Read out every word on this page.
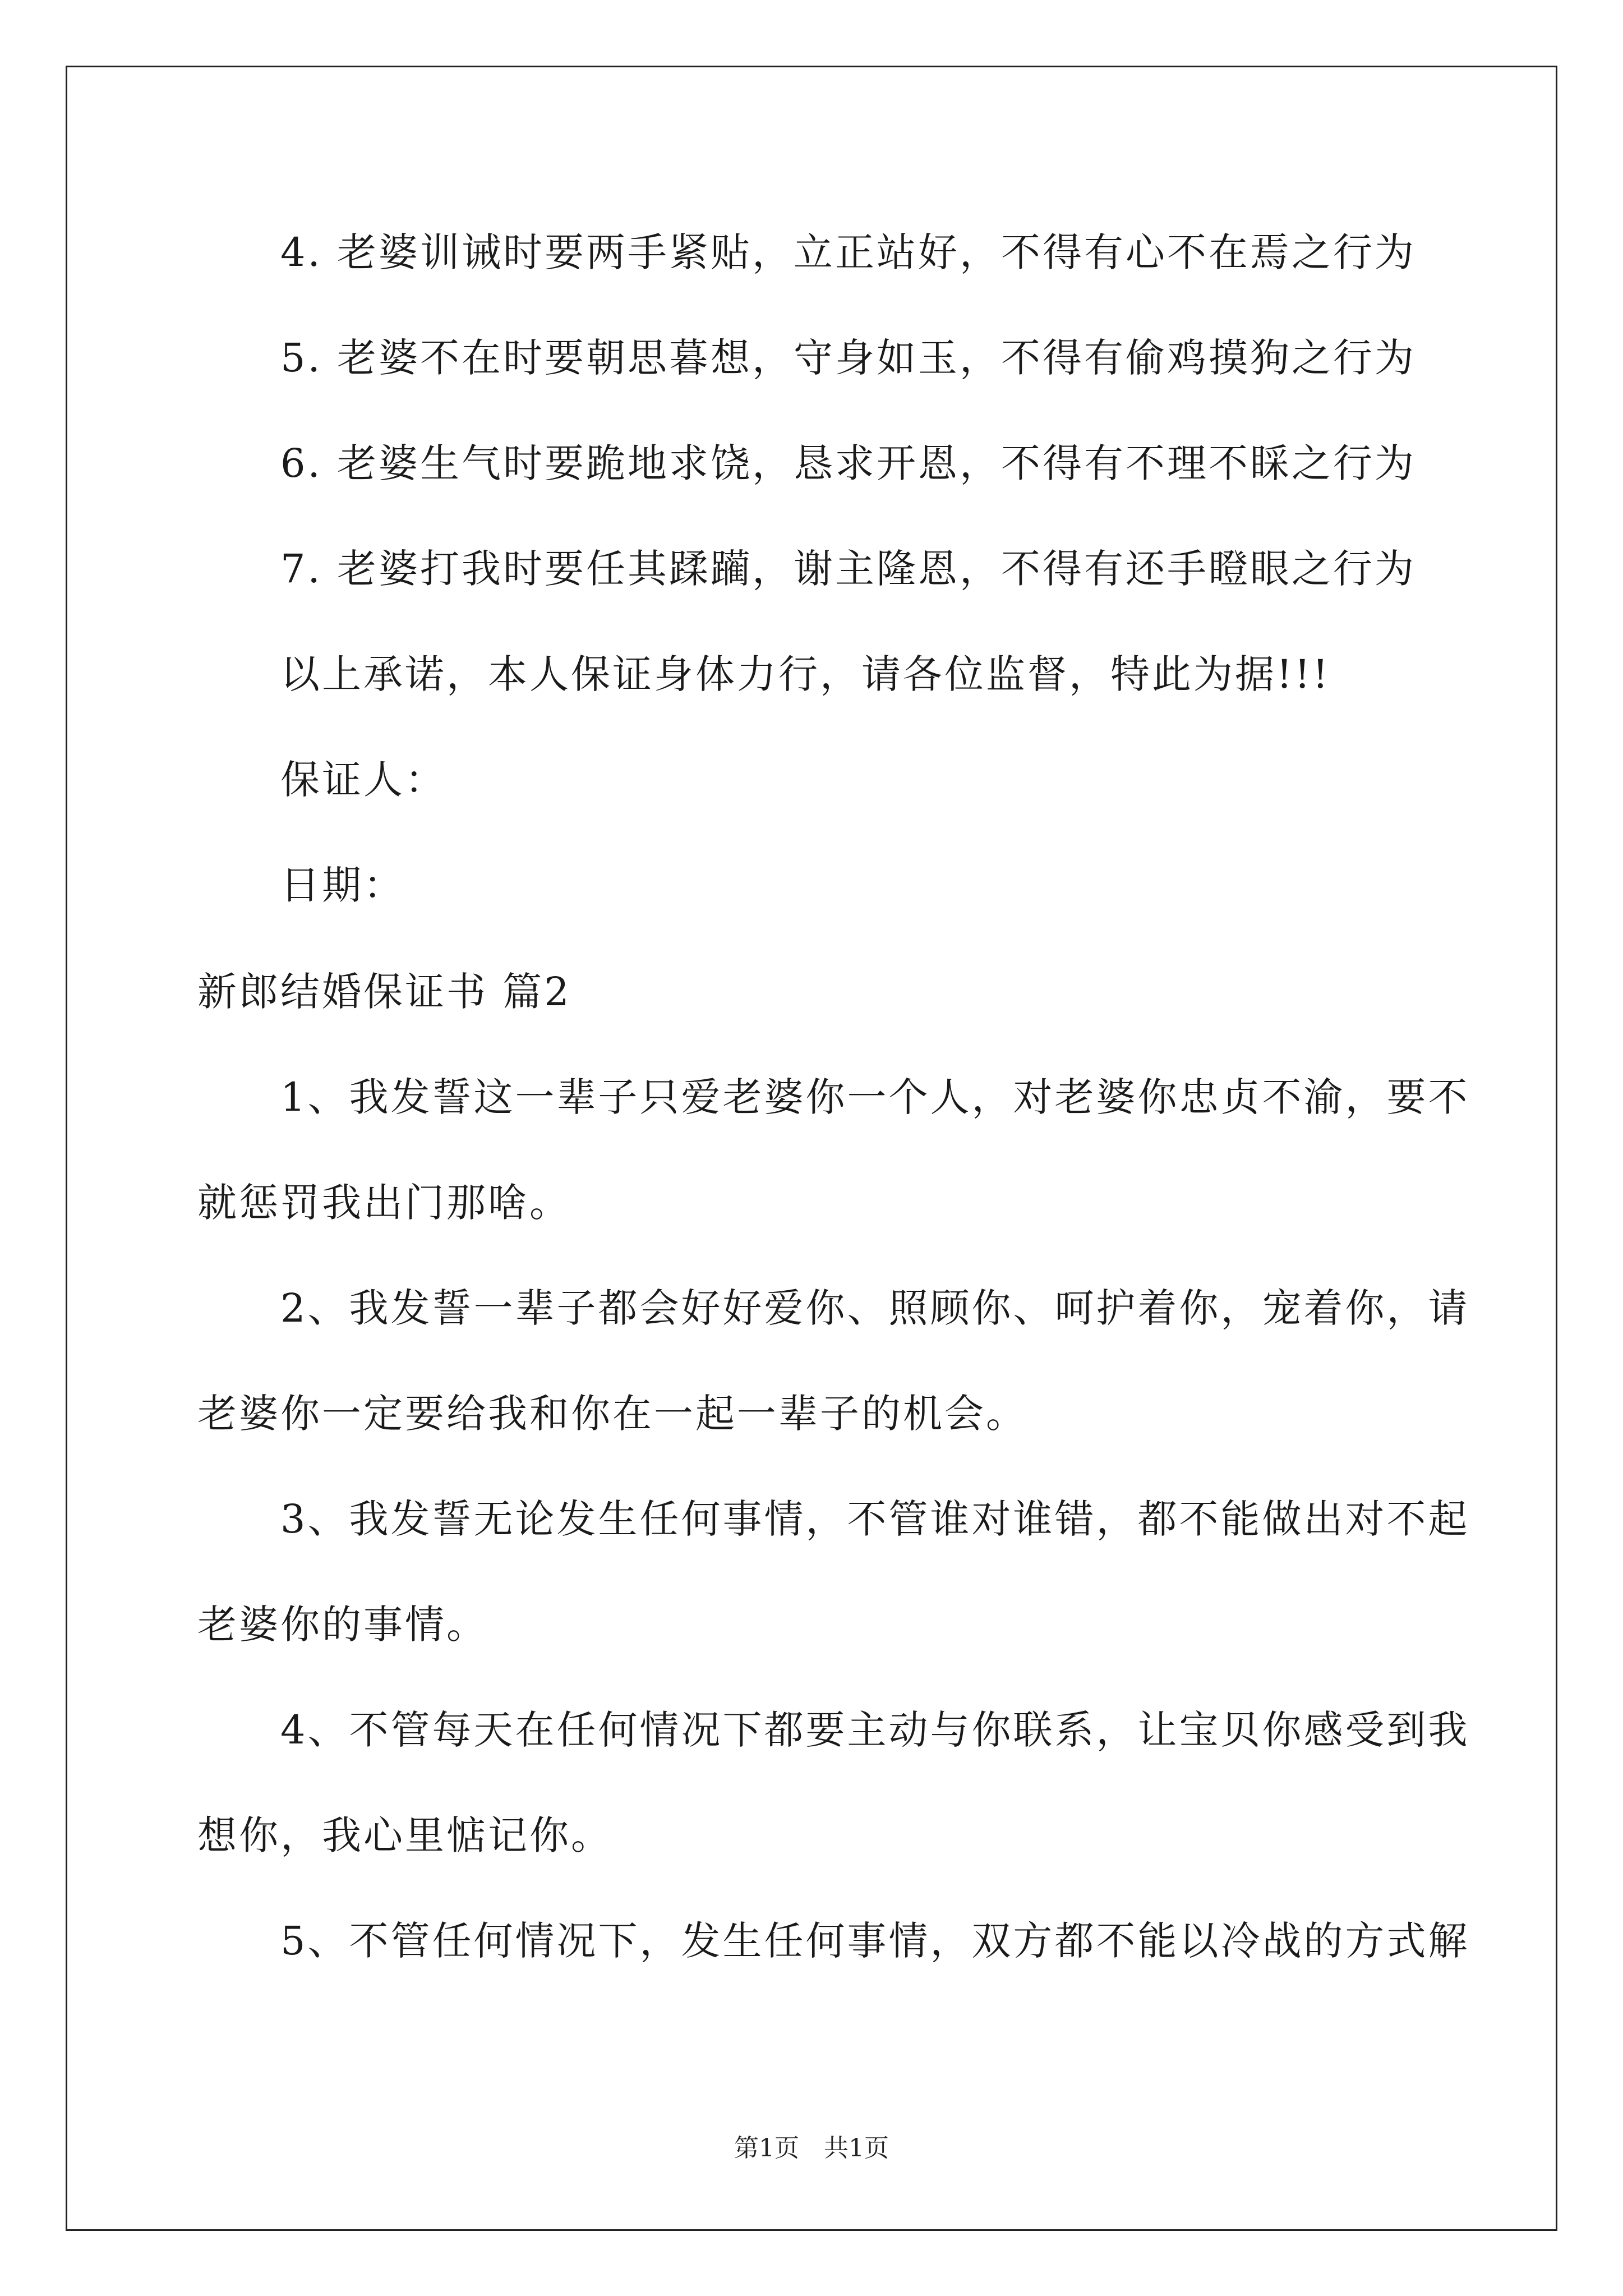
4. 老婆训诫时要两手紧贴，立正站好，不得有心不在焉之行为
5. 老婆不在时要朝思暮想，守身如玉，不得有偷鸡摸狗之行为
6. 老婆生气时要跪地求饶，恳求开恩，不得有不理不睬之行为
7. 老婆打我时要任其蹂躏，谢主隆恩，不得有还手瞪眼之行为
以上承诺，本人保证身体力行，请各位监督，特此为据!!!
保证人：
日期：
新郎结婚保证书 篇2
1、我发誓这一辈子只爱老婆你一个人，对老婆你忠贞不渝，要不
就惩罚我出门那啥。
2、我发誓一辈子都会好好爱你、照顾你、呵护着你，宠着你，请
老婆你一定要给我和你在一起一辈子的机会。
3、我发誓无论发生任何事情，不管谁对谁错，都不能做出对不起
老婆你的事情。
4、不管每天在任何情况下都要主动与你联系，让宝贝你感受到我
想你，我心里惦记你。
5、不管任何情况下，发生任何事情，双方都不能以冷战的方式解
第1页　共1页
